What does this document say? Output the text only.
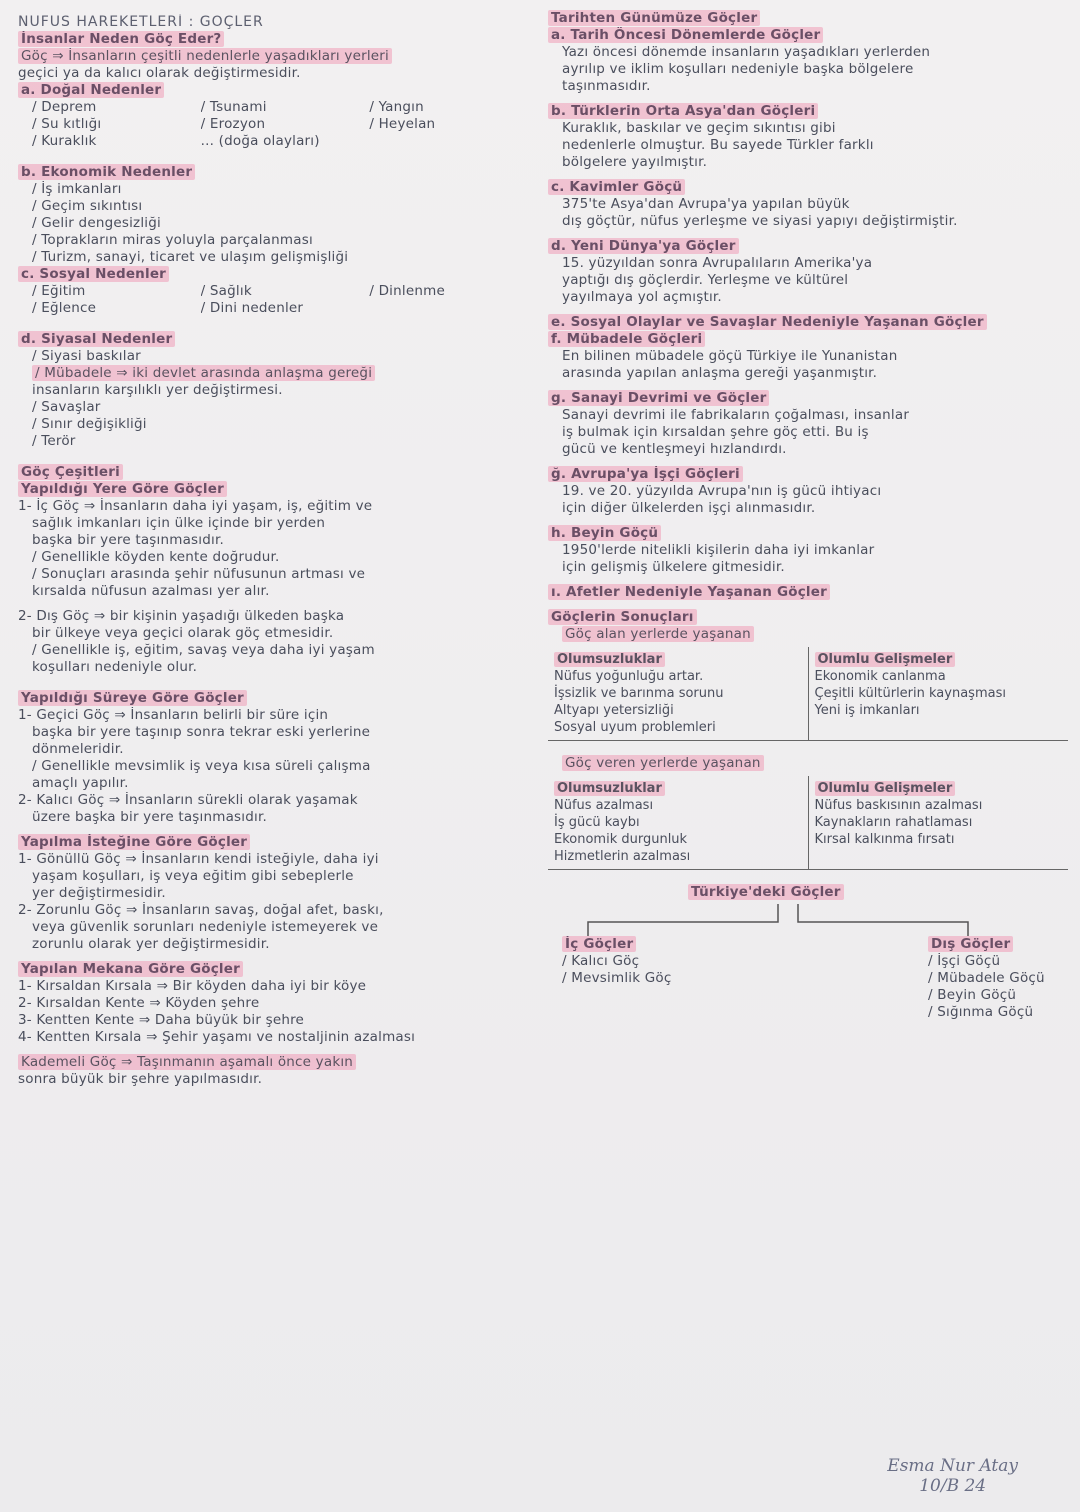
NÜFUS HAREKETLERİ : GÖÇLER
İnsanlar Neden Göç Eder?
Göç ⇒ İnsanların çeşitli nedenlerle yaşadıkları yerleri
geçici ya da kalıcı olarak değiştirmesidir.
a. Doğal Nedenler
/ Deprem
/ Su kıtlığı
/ Kuraklık
/ Tsunami
/ Erozyon
... (doğa olayları)
/ Yangın
/ Heyelan
b. Ekonomik Nedenler
/ İş imkanları
/ Geçim sıkıntısı
/ Gelir dengesizliği
/ Toprakların miras yoluyla parçalanması
/ Turizm, sanayi, ticaret ve ulaşım gelişmişliği
c. Sosyal Nedenler
/ Eğitim
/ Eğlence
/ Sağlık
/ Dini nedenler
/ Dinlenme
d. Siyasal Nedenler
/ Siyasi baskılar
/ Mübadele ⇒ iki devlet arasında anlaşma gereği
insanların karşılıklı yer değiştirmesi.
/ Savaşlar
/ Sınır değişikliği
/ Terör
Göç Çeşitleri
Yapıldığı Yere Göre Göçler
1- İç Göç ⇒ İnsanların daha iyi yaşam, iş, eğitim ve
sağlık imkanları için ülke içinde bir yerden
başka bir yere taşınmasıdır.
/ Genellikle köyden kente doğrudur.
/ Sonuçları arasında şehir nüfusunun artması ve
kırsalda nüfusun azalması yer alır.
2- Dış Göç ⇒ bir kişinin yaşadığı ülkeden başka
bir ülkeye veya geçici olarak göç etmesidir.
/ Genellikle iş, eğitim, savaş veya daha iyi yaşam
koşulları nedeniyle olur.
Yapıldığı Süreye Göre Göçler
1- Geçici Göç ⇒ İnsanların belirli bir süre için
başka bir yere taşınıp sonra tekrar eski yerlerine
dönmeleridir.
/ Genellikle mevsimlik iş veya kısa süreli çalışma
amaçlı yapılır.
2- Kalıcı Göç ⇒ İnsanların sürekli olarak yaşamak
üzere başka bir yere taşınmasıdır.
Yapılma İsteğine Göre Göçler
1- Gönüllü Göç ⇒ İnsanların kendi isteğiyle, daha iyi
yaşam koşulları, iş veya eğitim gibi sebeplerle
yer değiştirmesidir.
2- Zorunlu Göç ⇒ İnsanların savaş, doğal afet, baskı,
veya güvenlik sorunları nedeniyle istemeyerek ve
zorunlu olarak yer değiştirmesidir.
Yapılan Mekana Göre Göçler
1- Kırsaldan Kırsala ⇒ Bir köyden daha iyi bir köye
2- Kırsaldan Kente ⇒ Köyden şehre
3- Kentten Kente ⇒ Daha büyük bir şehre
4- Kentten Kırsala ⇒ Şehir yaşamı ve nostaljinin azalması
Kademeli Göç ⇒ Taşınmanın aşamalı önce yakın
sonra büyük bir şehre yapılmasıdır.
Tarihten Günümüze Göçler
a. Tarih Öncesi Dönemlerde Göçler
Yazı öncesi dönemde insanların yaşadıkları yerlerden
ayrılıp ve iklim koşulları nedeniyle başka bölgelere
taşınmasıdır.
b. Türklerin Orta Asya'dan Göçleri
Kuraklık, baskılar ve geçim sıkıntısı gibi
nedenlerle olmuştur. Bu sayede Türkler farklı
bölgelere yayılmıştır.
c. Kavimler Göçü
375'te Asya'dan Avrupa'ya yapılan büyük
dış göçtür, nüfus yerleşme ve siyasi yapıyı değiştirmiştir.
d. Yeni Dünya'ya Göçler
15. yüzyıldan sonra Avrupalıların Amerika'ya
yaptığı dış göçlerdir. Yerleşme ve kültürel
yayılmaya yol açmıştır.
e. Sosyal Olaylar ve Savaşlar Nedeniyle Yaşanan Göçler
f. Mübadele Göçleri
En bilinen mübadele göçü Türkiye ile Yunanistan
arasında yapılan anlaşma gereği yaşanmıştır.
g. Sanayi Devrimi ve Göçler
Sanayi devrimi ile fabrikaların çoğalması, insanlar
iş bulmak için kırsaldan şehre göç etti. Bu iş
gücü ve kentleşmeyi hızlandırdı.
ğ. Avrupa'ya İşçi Göçleri
19. ve 20. yüzyılda Avrupa'nın iş gücü ihtiyacı
için diğer ülkelerden işçi alınmasıdır.
h. Beyin Göçü
1950'lerde nitelikli kişilerin daha iyi imkanlar
için gelişmiş ülkelere gitmesidir.
ı. Afetler Nedeniyle Yaşanan Göçler
Göçlerin Sonuçları
Göç alan yerlerde yaşanan
Olumsuzluklar
Nüfus yoğunluğu artar.
İşsizlik ve barınma sorunu
Altyapı yetersizliği
Sosyal uyum problemleri
Olumlu Gelişmeler
Ekonomik canlanma
Çeşitli kültürlerin kaynaşması
Yeni iş imkanları
Göç veren yerlerde yaşanan
Olumsuzluklar
Nüfus azalması
İş gücü kaybı
Ekonomik durgunluk
Hizmetlerin azalması
Olumlu Gelişmeler
Nüfus baskısının azalması
Kaynakların rahatlaması
Kırsal kalkınma fırsatı
Türkiye'deki Göçler
İç Göçler
/ Kalıcı Göç
/ Mevsimlik Göç
Dış Göçler
/ İşçi Göçü
/ Mübadele Göçü
/ Beyin Göçü
/ Sığınma Göçü
Esma Nur Atay
10/B 24
